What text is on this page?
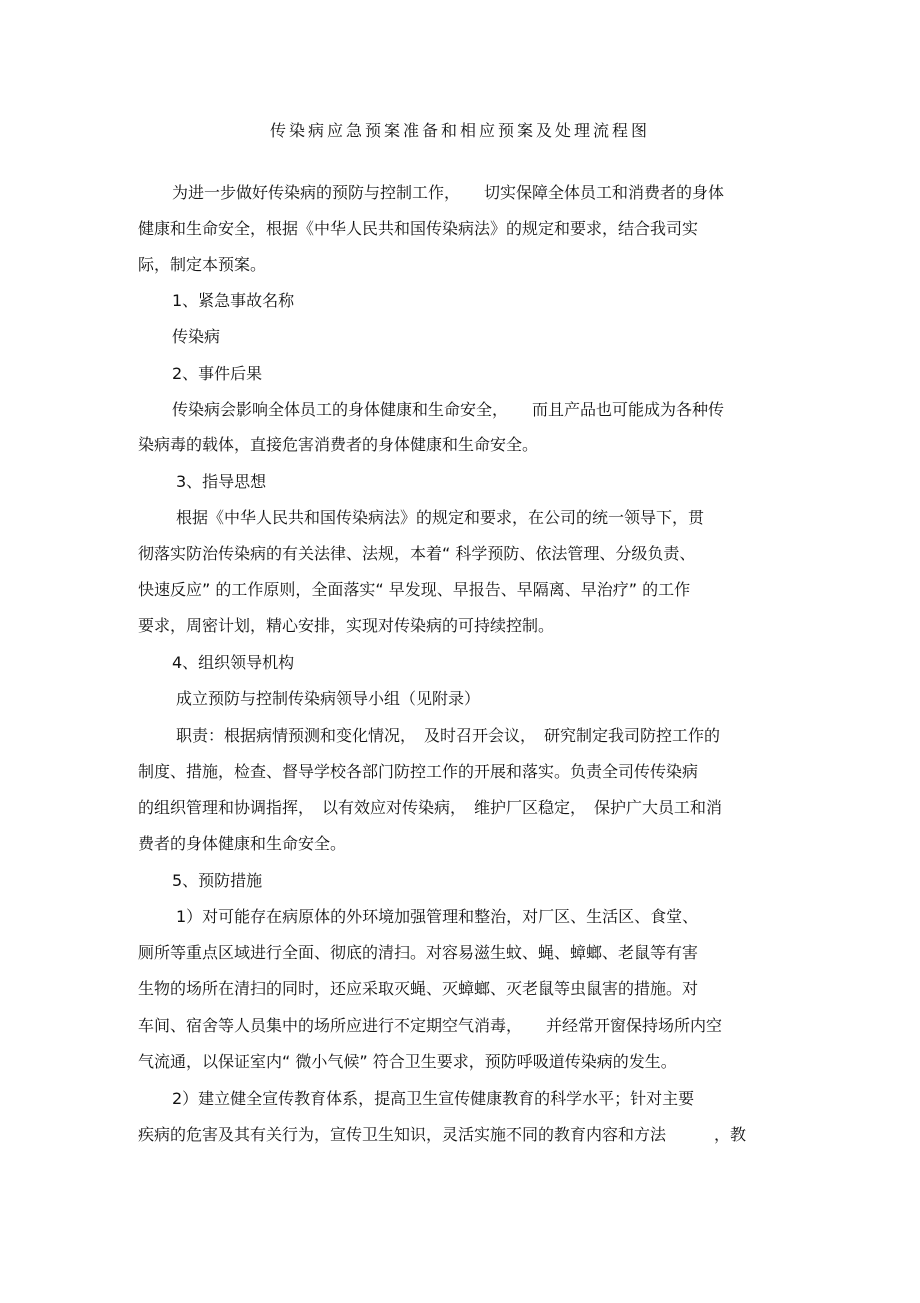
传染病应急预案准备和相应预案及处理流程图
为进一步做好传染病的预防与控制工作，　　切实保障全体员工和消费者的身体
健康和生命安全，根据《中华人民共和国传染病法》的规定和要求，结合我司实
际，制定本预案。
1、紧急事故名称
传染病
2、事件后果
传染病会影响全体员工的身体健康和生命安全，　　而且产品也可能成为各种传
染病毒的载体，直接危害消费者的身体健康和生命安全。
3、指导思想
根据《中华人民共和国传染病法》的规定和要求，在公司的统一领导下，贯
彻落实防治传染病的有关法律、法规，本着“ 科学预防、依法管理、分级负责、
快速反应” 的工作原则，全面落实“ 早发现、早报告、早隔离、早治疗” 的工作
要求，周密计划，精心安排，实现对传染病的可持续控制。
4、组织领导机构
成立预防与控制传染病领导小组（见附录）
职责：根据病情预测和变化情况，　及时召开会议，　研究制定我司防控工作的
制度、措施，检查、督导学校各部门防控工作的开展和落实。负责全司传传染病
的组织管理和协调指挥，　以有效应对传染病，　维护厂区稳定，　保护广大员工和消
费者的身体健康和生命安全。
5、预防措施
1）对可能存在病原体的外环境加强管理和整治，对厂区、生活区、食堂、
厕所等重点区域进行全面、彻底的清扫。对容易滋生蚊、蝇、蟑螂、老鼠等有害
生物的场所在清扫的同时，还应采取灭蝇、灭蟑螂、灭老鼠等虫鼠害的措施。对
车间、宿舍等人员集中的场所应进行不定期空气消毒，　　并经常开窗保持场所内空
气流通，以保证室内“ 微小气候” 符合卫生要求，预防呼吸道传染病的发生。
2）建立健全宣传教育体系，提高卫生宣传健康教育的科学水平；针对主要
疾病的危害及其有关行为，宣传卫生知识，灵活实施不同的教育内容和方法　　　，教
